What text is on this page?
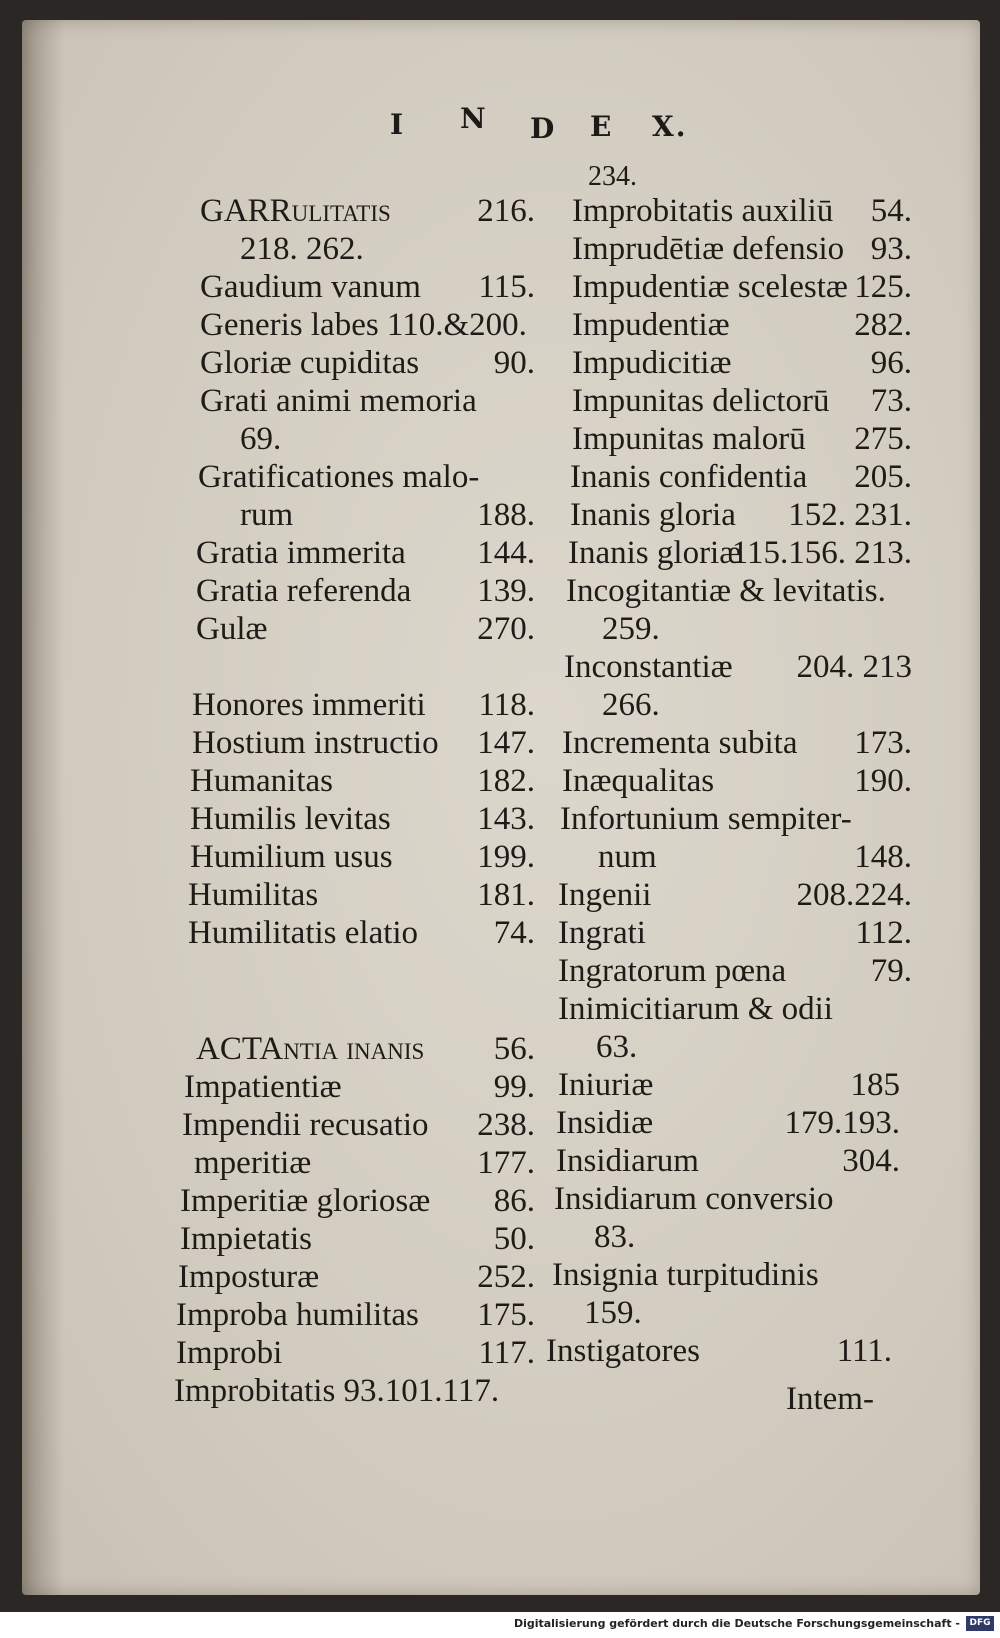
I N D E X.
234.
GARRulitatis	216.
218. 262.
Gaudium vanum 115.
Generis labes 110.&200.
Gloriæ cupiditas 90.
Grati animi memoria
69.
Gratificationes malo-
rum	188.
Gratia immerita 144.
Gratia referenda 139.
Gulæ	270.
Honores immeriti 118.
Hostium instructio 147.
Humanitas	182.
Humilis levitas	143.
Humilium usus	199.
Humilitas	181.
Humilitatis elatio 74.
ACTAntia inanis 56.
Impatientiæ	99.
Impendii recusatio 238.
mperitiæ	177.
Imperitiæ gloriosæ 86.
Impietatis	50.
Imposturæ	252.
Improba humilitas 175.
Improbi	117.
Improbitatis 93.101.117.
Improbitatis auxiliū 54.
Imprudētiæ defensio 93.
Impudentiæ scelestæ 125.
Impudentiæ	282.
Impudicitiæ	96.
Impunitas delictorū 73.
Impunitas malorū 275.
Inanis confidentia 205.
Inanis gloria 152. 231.
Inanis gloriæ
115.156. 213.
Incogitantiæ & levitatis.
259.
Inconstantiæ 204. 213
266.
Incrementa subita 173.
Inæqualitas	190.
Infortunium sempiter-
num	148.
Ingenii	208.224.
Ingrati	112.
Ingratorum pœna	79.
Inimicitiarum & odii
63.
Iniuriæ	185
Insidiæ	179.193.
Insidiarum	304.
Insidiarum conversio
83.
Insignia turpitudinis
159.
Instigatores	111.
Intem-
Digitalisierung gefördert durch die Deutsche Forschungsgemeinschaft -	DFG
